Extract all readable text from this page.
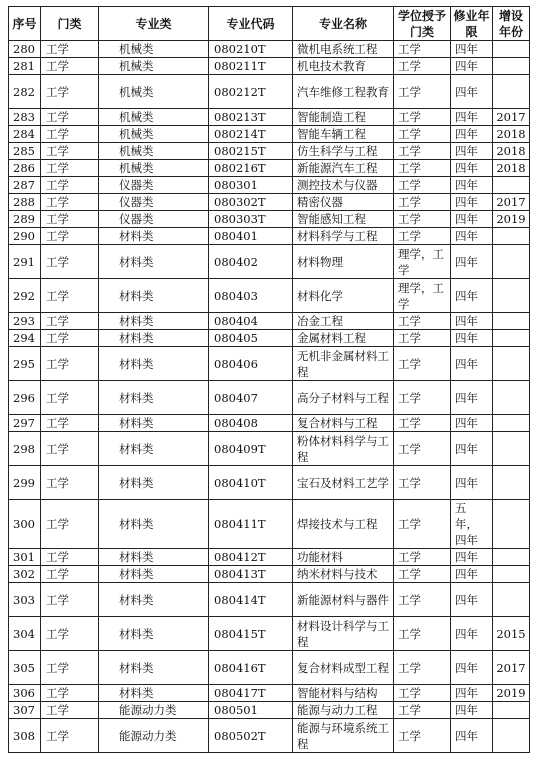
序号	门类	专业类	专业代码	专业名称	学位授予门类	修业年限	增设年份
280	工学	机械类	080210T	微机电系统工程	工学	四年	
281	工学	机械类	080211T	机电技术教育	工学	四年	
282	工学	机械类	080212T	汽车维修工程教育	工学	四年	
283	工学	机械类	080213T	智能制造工程	工学	四年	2017
284	工学	机械类	080214T	智能车辆工程	工学	四年	2018
285	工学	机械类	080215T	仿生科学与工程	工学	四年	2018
286	工学	机械类	080216T	新能源汽车工程	工学	四年	2018
287	工学	仪器类	080301	测控技术与仪器	工学	四年	
288	工学	仪器类	080302T	精密仪器	工学	四年	2017
289	工学	仪器类	080303T	智能感知工程	工学	四年	2019
290	工学	材料类	080401	材料科学与工程	工学	四年	
291	工学	材料类	080402	材料物理	理学，工学	四年	
292	工学	材料类	080403	材料化学	理学，工学	四年	
293	工学	材料类	080404	冶金工程	工学	四年	
294	工学	材料类	080405	金属材料工程	工学	四年	
295	工学	材料类	080406	无机非金属材料工程	工学	四年	
296	工学	材料类	080407	高分子材料与工程	工学	四年	
297	工学	材料类	080408	复合材料与工程	工学	四年	
298	工学	材料类	080409T	粉体材料科学与工程	工学	四年	
299	工学	材料类	080410T	宝石及材料工艺学	工学	四年	
300	工学	材料类	080411T	焊接技术与工程	工学	五年，四年	
301	工学	材料类	080412T	功能材料	工学	四年	
302	工学	材料类	080413T	纳米材料与技术	工学	四年	
303	工学	材料类	080414T	新能源材料与器件	工学	四年	
304	工学	材料类	080415T	材料设计科学与工程	工学	四年	2015
305	工学	材料类	080416T	复合材料成型工程	工学	四年	2017
306	工学	材料类	080417T	智能材料与结构	工学	四年	2019
307	工学	能源动力类	080501	能源与动力工程	工学	四年	
308	工学	能源动力类	080502T	能源与环境系统工程	工学	四年	
